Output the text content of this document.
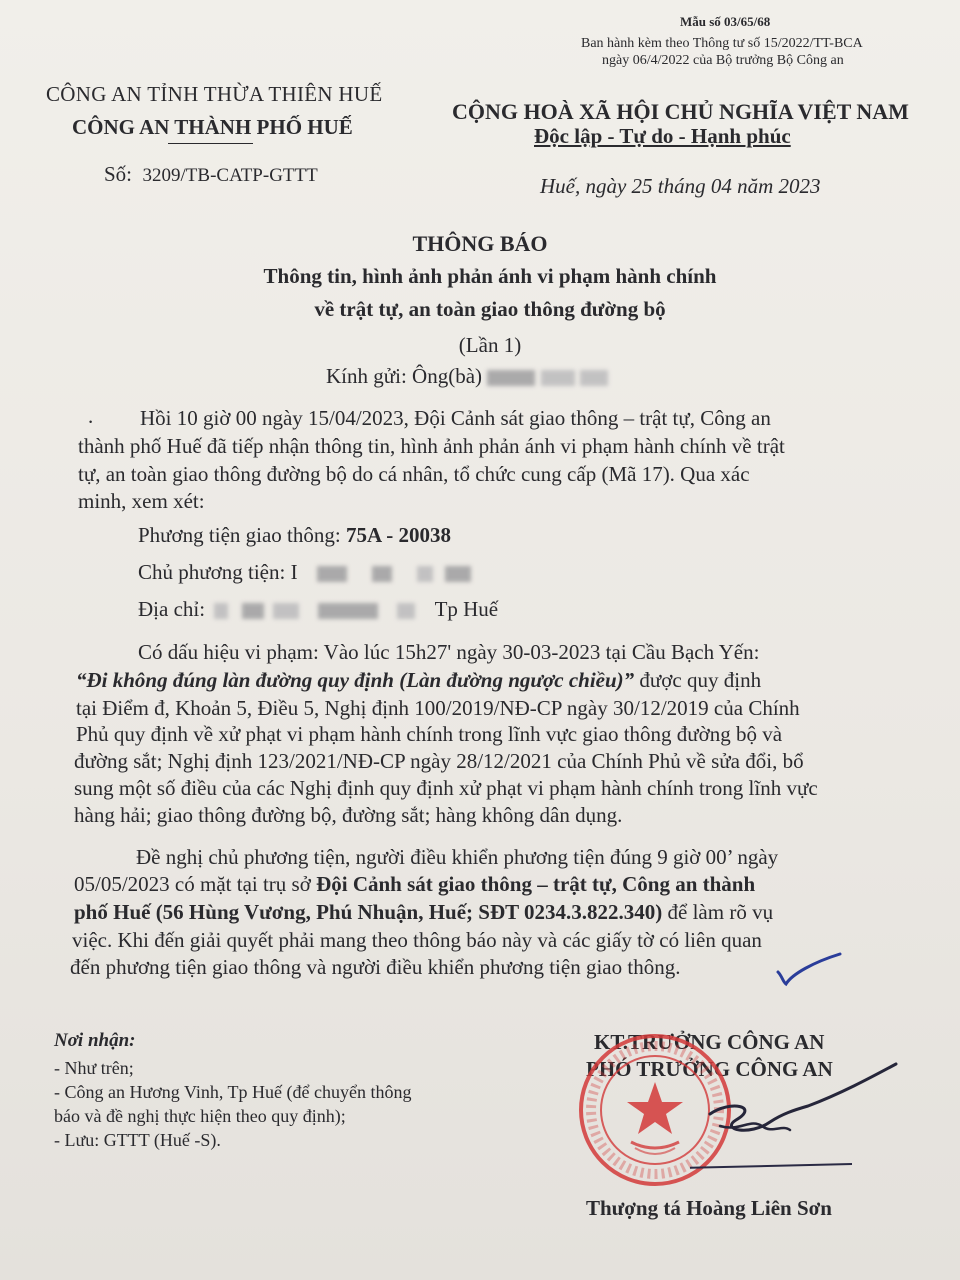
Mẫu số 03/65/68
Ban hành kèm theo Thông tư số 15/2022/TT-BCA
ngày 06/4/2022 của Bộ trưởng Bộ Công an
CÔNG AN TỈNH THỪA THIÊN HUẾ
CÔNG AN THÀNH PHỐ HUẾ
Số: 3209/TB-CATP-GTTT
CỘNG HOÀ XÃ HỘI CHỦ NGHĨA VIỆT NAM
Độc lập - Tự do - Hạnh phúc
Huế, ngày 25 tháng 04 năm 2023
THÔNG BÁO
Thông tin, hình ảnh phản ánh vi phạm hành chính
về trật tự, an toàn giao thông đường bộ
(Lần 1)
Kính gửi: Ông(bà)
. Hồi 10 giờ 00 ngày 15/04/2023, Đội Cảnh sát giao thông – trật tự, Công an
thành phố Huế đã tiếp nhận thông tin, hình ảnh phản ánh vi phạm hành chính về trật
tự, an toàn giao thông đường bộ do cá nhân, tổ chức cung cấp (Mã 17). Qua xác
minh, xem xét:
Phương tiện giao thông: 75A - 20038
Chủ phương tiện: I
Địa chỉ:	Tp Huế
Có dấu hiệu vi phạm: Vào lúc 15h27' ngày 30-03-2023 tại Cầu Bạch Yến:
“Đi không đúng làn đường quy định (Làn đường ngược chiều)” được quy định
tại Điểm đ, Khoản 5, Điều 5, Nghị định 100/2019/NĐ-CP ngày 30/12/2019 của Chính
Phủ quy định về xử phạt vi phạm hành chính trong lĩnh vực giao thông đường bộ và
đường sắt; Nghị định 123/2021/NĐ-CP ngày 28/12/2021 của Chính Phủ về sửa đổi, bổ
sung một số điều của các Nghị định quy định xử phạt vi phạm hành chính trong lĩnh vực
hàng hải; giao thông đường bộ, đường sắt; hàng không dân dụng.
Đề nghị chủ phương tiện, người điều khiển phương tiện đúng 9 giờ 00’ ngày
05/05/2023 có mặt tại trụ sở Đội Cảnh sát giao thông – trật tự, Công an thành
phố Huế (56 Hùng Vương, Phú Nhuận, Huế; SĐT 0234.3.822.340) để làm rõ vụ
việc. Khi đến giải quyết phải mang theo thông báo này và các giấy tờ có liên quan
đến phương tiện giao thông và người điều khiển phương tiện giao thông.
Nơi nhận:
- Như trên;
- Công an Hương Vinh, Tp Huế (để chuyển thông
báo và đề nghị thực hiện theo quy định);
- Lưu: GTTT (Huế -S).
KT.TRƯỞNG CÔNG AN
PHÓ TRƯỞNG CÔNG AN
Thượng tá Hoàng Liên Sơn
